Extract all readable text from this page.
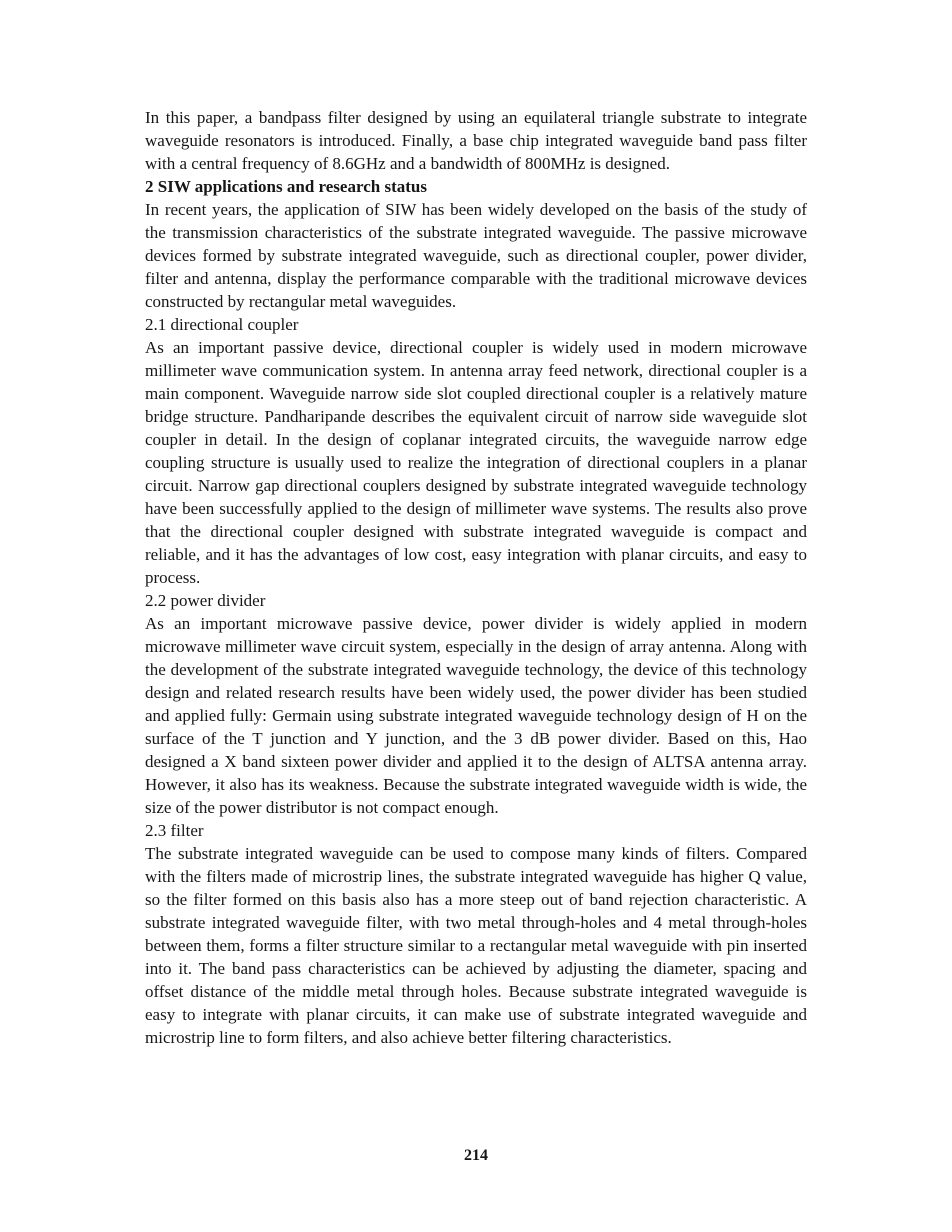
In this paper, a bandpass filter designed by using an equilateral triangle substrate to integrate waveguide resonators is introduced. Finally, a base chip integrated waveguide band pass filter with a central frequency of 8.6GHz and a bandwidth of 800MHz is designed.

2 SIW applications and research status

In recent years, the application of SIW has been widely developed on the basis of the study of the transmission characteristics of the substrate integrated waveguide. The passive microwave devices formed by substrate integrated waveguide, such as directional coupler, power divider, filter and antenna, display the performance comparable with the traditional microwave devices constructed by rectangular metal waveguides.

2.1 directional coupler

As an important passive device, directional coupler is widely used in modern microwave millimeter wave communication system. In antenna array feed network, directional coupler is a main component. Waveguide narrow side slot coupled directional coupler is a relatively mature bridge structure. Pandharipande describes the equivalent circuit of narrow side waveguide slot coupler in detail. In the design of coplanar integrated circuits, the waveguide narrow edge coupling structure is usually used to realize the integration of directional couplers in a planar circuit. Narrow gap directional couplers designed by substrate integrated waveguide technology have been successfully applied to the design of millimeter wave systems. The results also prove that the directional coupler designed with substrate integrated waveguide is compact and reliable, and it has the advantages of low cost, easy integration with planar circuits, and easy to process.

2.2 power divider

As an important microwave passive device, power divider is widely applied in modern microwave millimeter wave circuit system, especially in the design of array antenna. Along with the development of the substrate integrated waveguide technology, the device of this technology design and related research results have been widely used, the power divider has been studied and applied fully: Germain using substrate integrated waveguide technology design of H on the surface of the T junction and Y junction, and the 3 dB power divider. Based on this, Hao designed a X band sixteen power divider and applied it to the design of ALTSA antenna array. However, it also has its weakness. Because the substrate integrated waveguide width is wide, the size of the power distributor is not compact enough.

2.3 filter

The substrate integrated waveguide can be used to compose many kinds of filters. Compared with the filters made of microstrip lines, the substrate integrated waveguide has higher Q value, so the filter formed on this basis also has a more steep out of band rejection characteristic. A substrate integrated waveguide filter, with two metal through-holes and 4 metal through-holes between them, forms a filter structure similar to a rectangular metal waveguide with pin inserted into it. The band pass characteristics can be achieved by adjusting the diameter, spacing and offset distance of the middle metal through holes. Because substrate integrated waveguide is easy to integrate with planar circuits, it can make use of substrate integrated waveguide and microstrip line to form filters, and also achieve better filtering characteristics.

214
